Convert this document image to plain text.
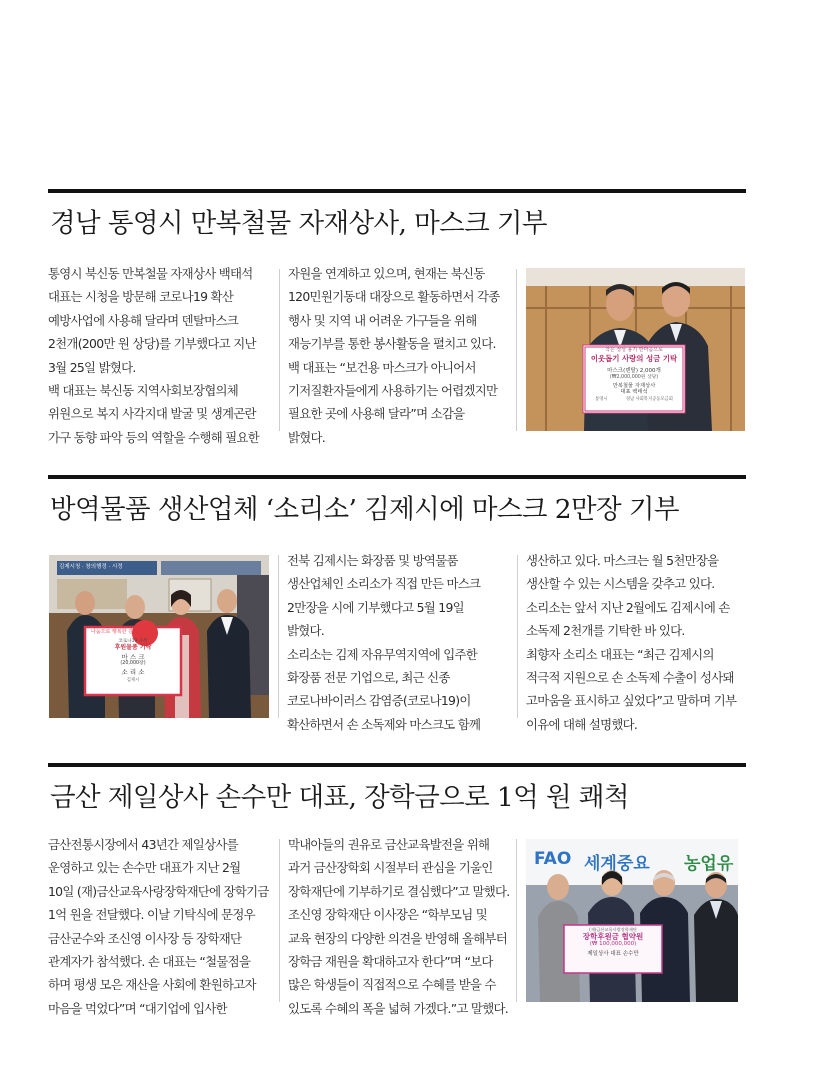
경남 통영시 만복철물 자재상사, 마스크 기부

통영시 북신동 만복철물 자재상사 백태석

대표는 시청을 방문해 코로나19 확산

예방사업에 사용해 달라며 덴탈마스크

2천개(200만 원 상당)를 기부했다고 지난

3월 25일 밝혔다.

백 대표는 북신동 지역사회보장협의체

위원으로 복지 사각지대 발굴 및 생계곤란

가구 동향 파악 등의 역할을 수행해 필요한

자원을 연계하고 있으며, 현재는 북신동

120민원기동대 대장으로 활동하면서 각종

행사 및 지역 내 어려운 가구들을 위해

재능기부를 통한 봉사활동을 펼치고 있다.

백 대표는 “보건용 마스크가 아니어서

기저질환자들에게 사용하기는 어렵겠지만

필요한 곳에 사용해 달라”며 소감을

밝혔다.

작은 정성 용기 한마음으로
이웃돕기 사랑의 성금 기탁
마스크(덴탈) 2,000개
(₩2,000,000원 상당)
만복철물 자재상사
대표 백태석
통영시	경남 사회복지공동모금회
방역물품 생산업체 ‘소리소’ 김제시에 마스크 2만장 기부
나눔으로 행복한 김제
코로나19 극복
후원물품 기탁
마 스 크
(20,000장)
소 리 소
김제시
김제시청 · 창의행정 · 시정	전북 김제시는 화장품 및 방역물품

생산업체인 소리소가 직접 만든 마스크

2만장을 시에 기부했다고 5월 19일

밝혔다.

소리소는 김제 자유무역지역에 입주한

화장품 전문 기업으로, 최근 신종

코로나바이러스 감염증(코로나19)이

확산하면서 손 소독제와 마스크도 함께

생산하고 있다. 마스크는 월 5천만장을

생산할 수 있는 시스템을 갖추고 있다.

소리소는 앞서 지난 2월에도 김제시에 손

소독제 2천개를 기탁한 바 있다.

최향자 소리소 대표는 “최근 김제시의

적극적 지원으로 손 소독제 수출이 성사돼

고마움을 표시하고 싶었다”고 말하며 기부

이유에 대해 설명했다.

금산 제일상사 손수만 대표, 장학금으로 1억 원 쾌척

금산전통시장에서 43년간 제일상사를

운영하고 있는 손수만 대표가 지난 2월

10일 (재)금산교육사랑장학재단에 장학기금

1억 원을 전달했다. 이날 기탁식에 문정우

금산군수와 조신영 이사장 등 장학재단

관계자가 참석했다. 손 대표는 “철물점을

하며 평생 모은 재산을 사회에 환원하고자

마음을 먹었다”며 “대기업에 입사한

막내아들의 권유로 금산교육발전을 위해

과거 금산장학회 시절부터 관심을 기울인

장학재단에 기부하기로 결심했다”고 말했다.

조신영 장학재단 이사장은 “학부모님 및

교육 현장의 다양한 의견을 반영해 올해부터

장학금 재원을 확대하고자 한다”며 “보다

많은 학생들이 직접적으로 수혜를 받을 수

있도록 수혜의 폭을 넓혀 가겠다.”고 말했다.

FAO 세계중요 농업유
(재)금산교육사랑장학재단
장학후원금 협약원
(₩ 100,000,000)
제일상사 대표 손수만
